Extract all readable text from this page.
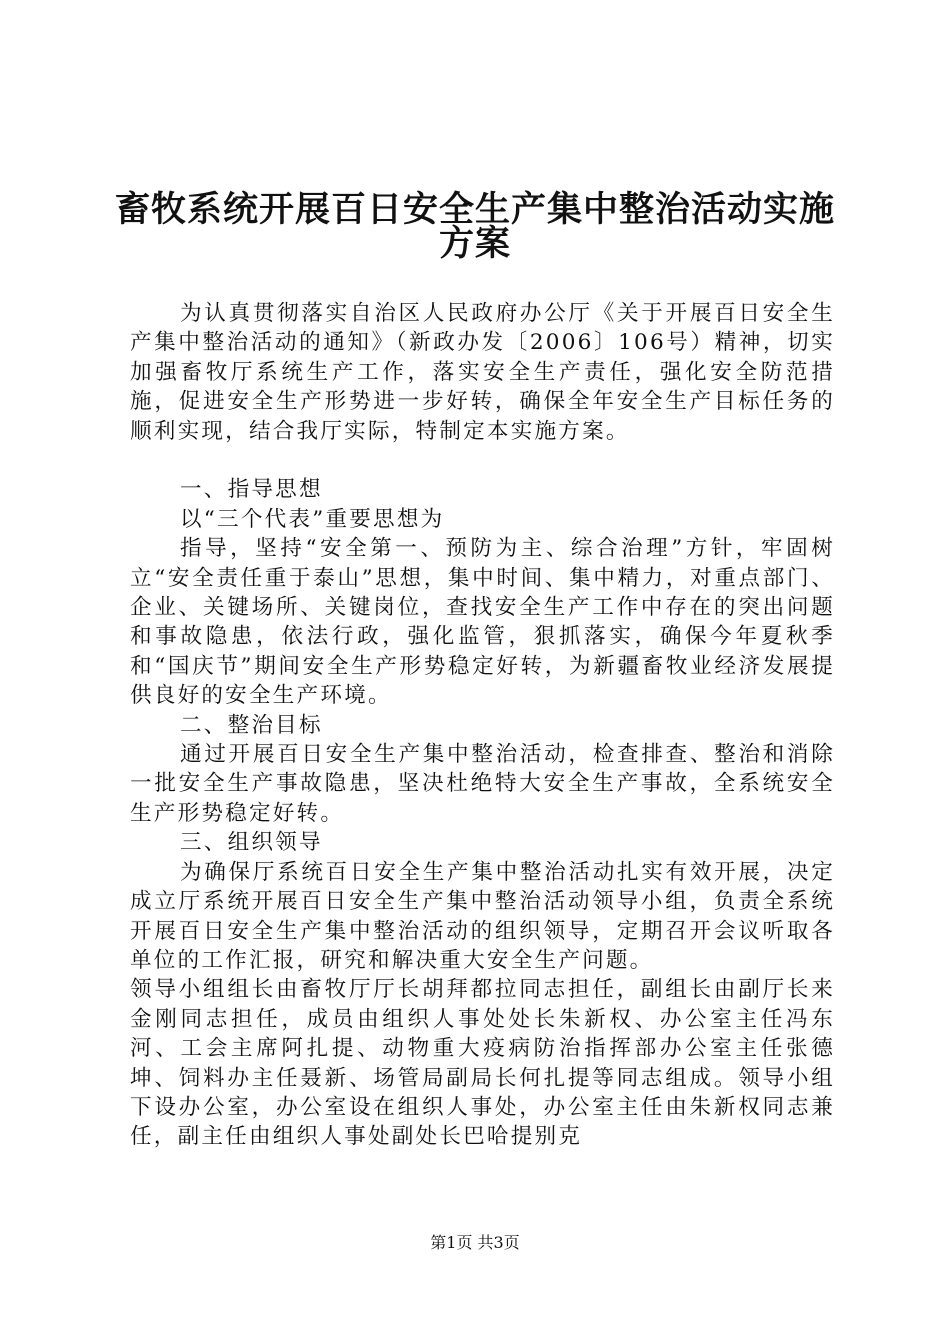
畜牧系统开展百日安全生产集中整治活动实施
方案

为认真贯彻落实自治区人民政府办公厅《关于开展百日安全生产集中整治活动的通知》（新政办发〔2006〕106号）精神，切实加强畜牧厅系统生产工作，落实安全生产责任，强化安全防范措施，促进安全生产形势进一步好转，确保全年安全生产目标任务的顺利实现，结合我厅实际，特制定本实施方案。

一、指导思想

以“三个代表”重要思想为

指导，坚持“安全第一、预防为主、综合治理”方针，牢固树立“安全责任重于泰山”思想，集中时间、集中精力，对重点部门、企业、关键场所、关键岗位，查找安全生产工作中存在的突出问题和事故隐患，依法行政，强化监管，狠抓落实，确保今年夏秋季和“国庆节”期间安全生产形势稳定好转，为新疆畜牧业经济发展提供良好的安全生产环境。

二、整治目标

通过开展百日安全生产集中整治活动，检查排查、整治和消除一批安全生产事故隐患，坚决杜绝特大安全生产事故，全系统安全生产形势稳定好转。

三、组织领导

为确保厅系统百日安全生产集中整治活动扎实有效开展，决定成立厅系统开展百日安全生产集中整治活动领导小组，负责全系统开展百日安全生产集中整治活动的组织领导，定期召开会议听取各单位的工作汇报，研究和解决重大安全生产问题。

领导小组组长由畜牧厅厅长胡拜都拉同志担任，副组长由副厅长来金刚同志担任，成员由组织人事处处长朱新权、办公室主任冯东河、工会主席阿扎提、动物重大疫病防治指挥部办公室主任张德坤、饲料办主任聂新、场管局副局长何扎提等同志组成。领导小组下设办公室，办公室设在组织人事处，办公室主任由朱新权同志兼任，副主任由组织人事处副处长巴哈提别克

第1页 共3页
